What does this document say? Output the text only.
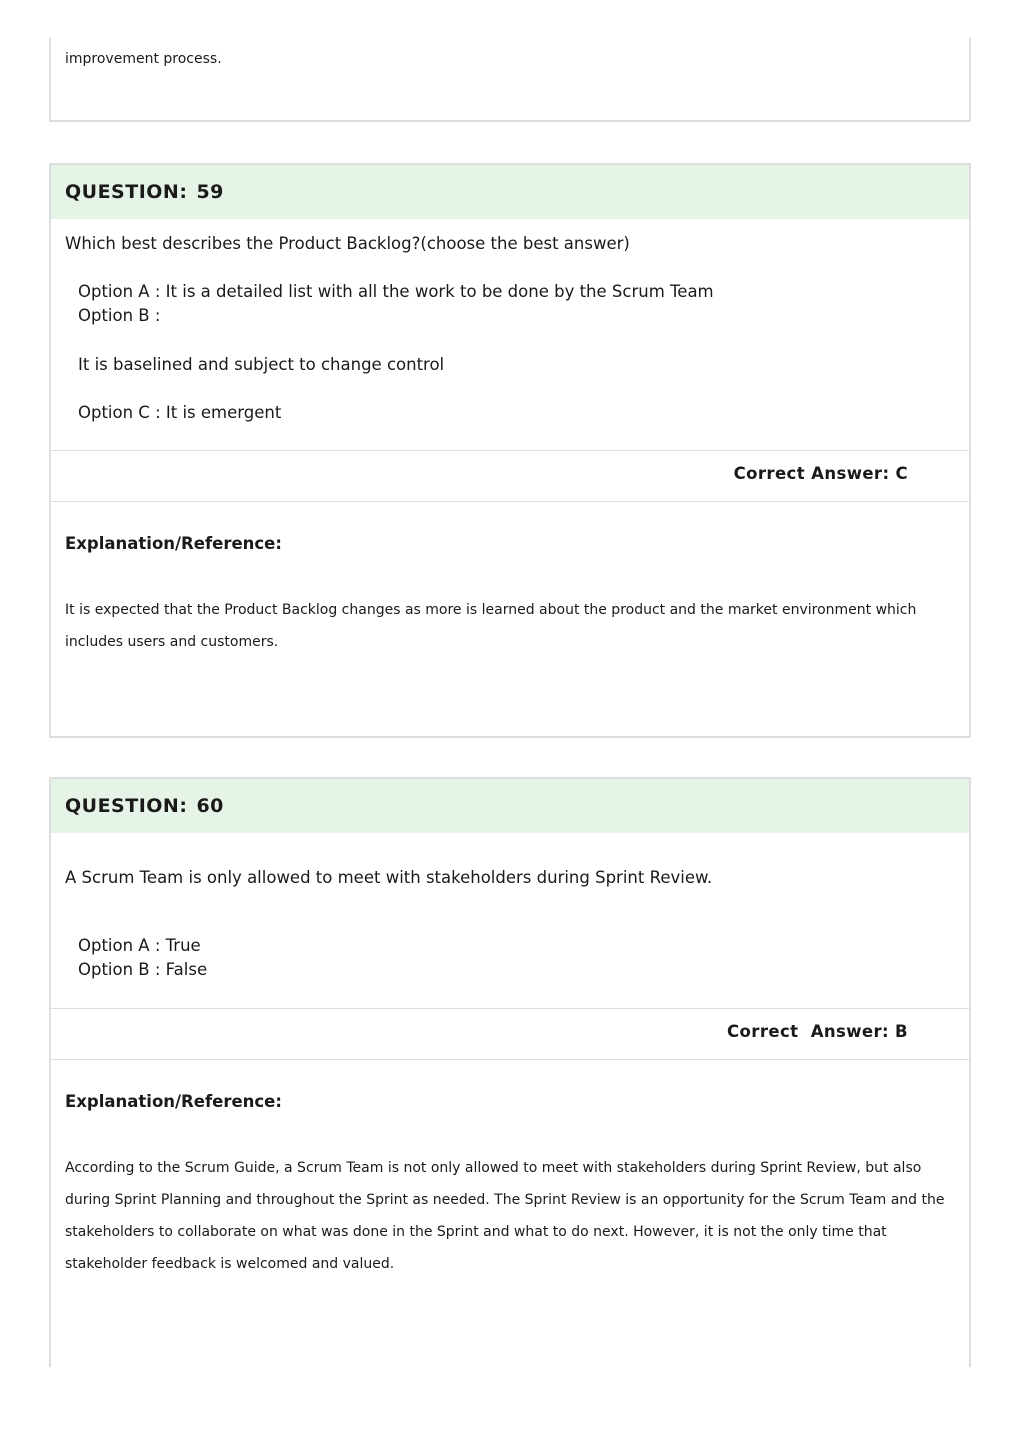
improvement process.
QUESTION: 59
Which best describes the Product Backlog?(choose the best answer)
Option A : It is a detailed list with all the work to be done by the Scrum Team
Option B :
It is baselined and subject to change control
Option C : It is emergent
Correct Answer: C
Explanation/Reference:
It is expected that the Product Backlog changes as more is learned about the product and the market environment which
includes users and customers.
QUESTION: 60
A Scrum Team is only allowed to meet with stakeholders during Sprint Review.
Option A : True
Option B : False
Correct  Answer: B
Explanation/Reference:
According to the Scrum Guide, a Scrum Team is not only allowed to meet with stakeholders during Sprint Review, but also
during Sprint Planning and throughout the Sprint as needed. The Sprint Review is an opportunity for the Scrum Team and the
stakeholders to collaborate on what was done in the Sprint and what to do next. However, it is not the only time that
stakeholder feedback is welcomed and valued.
